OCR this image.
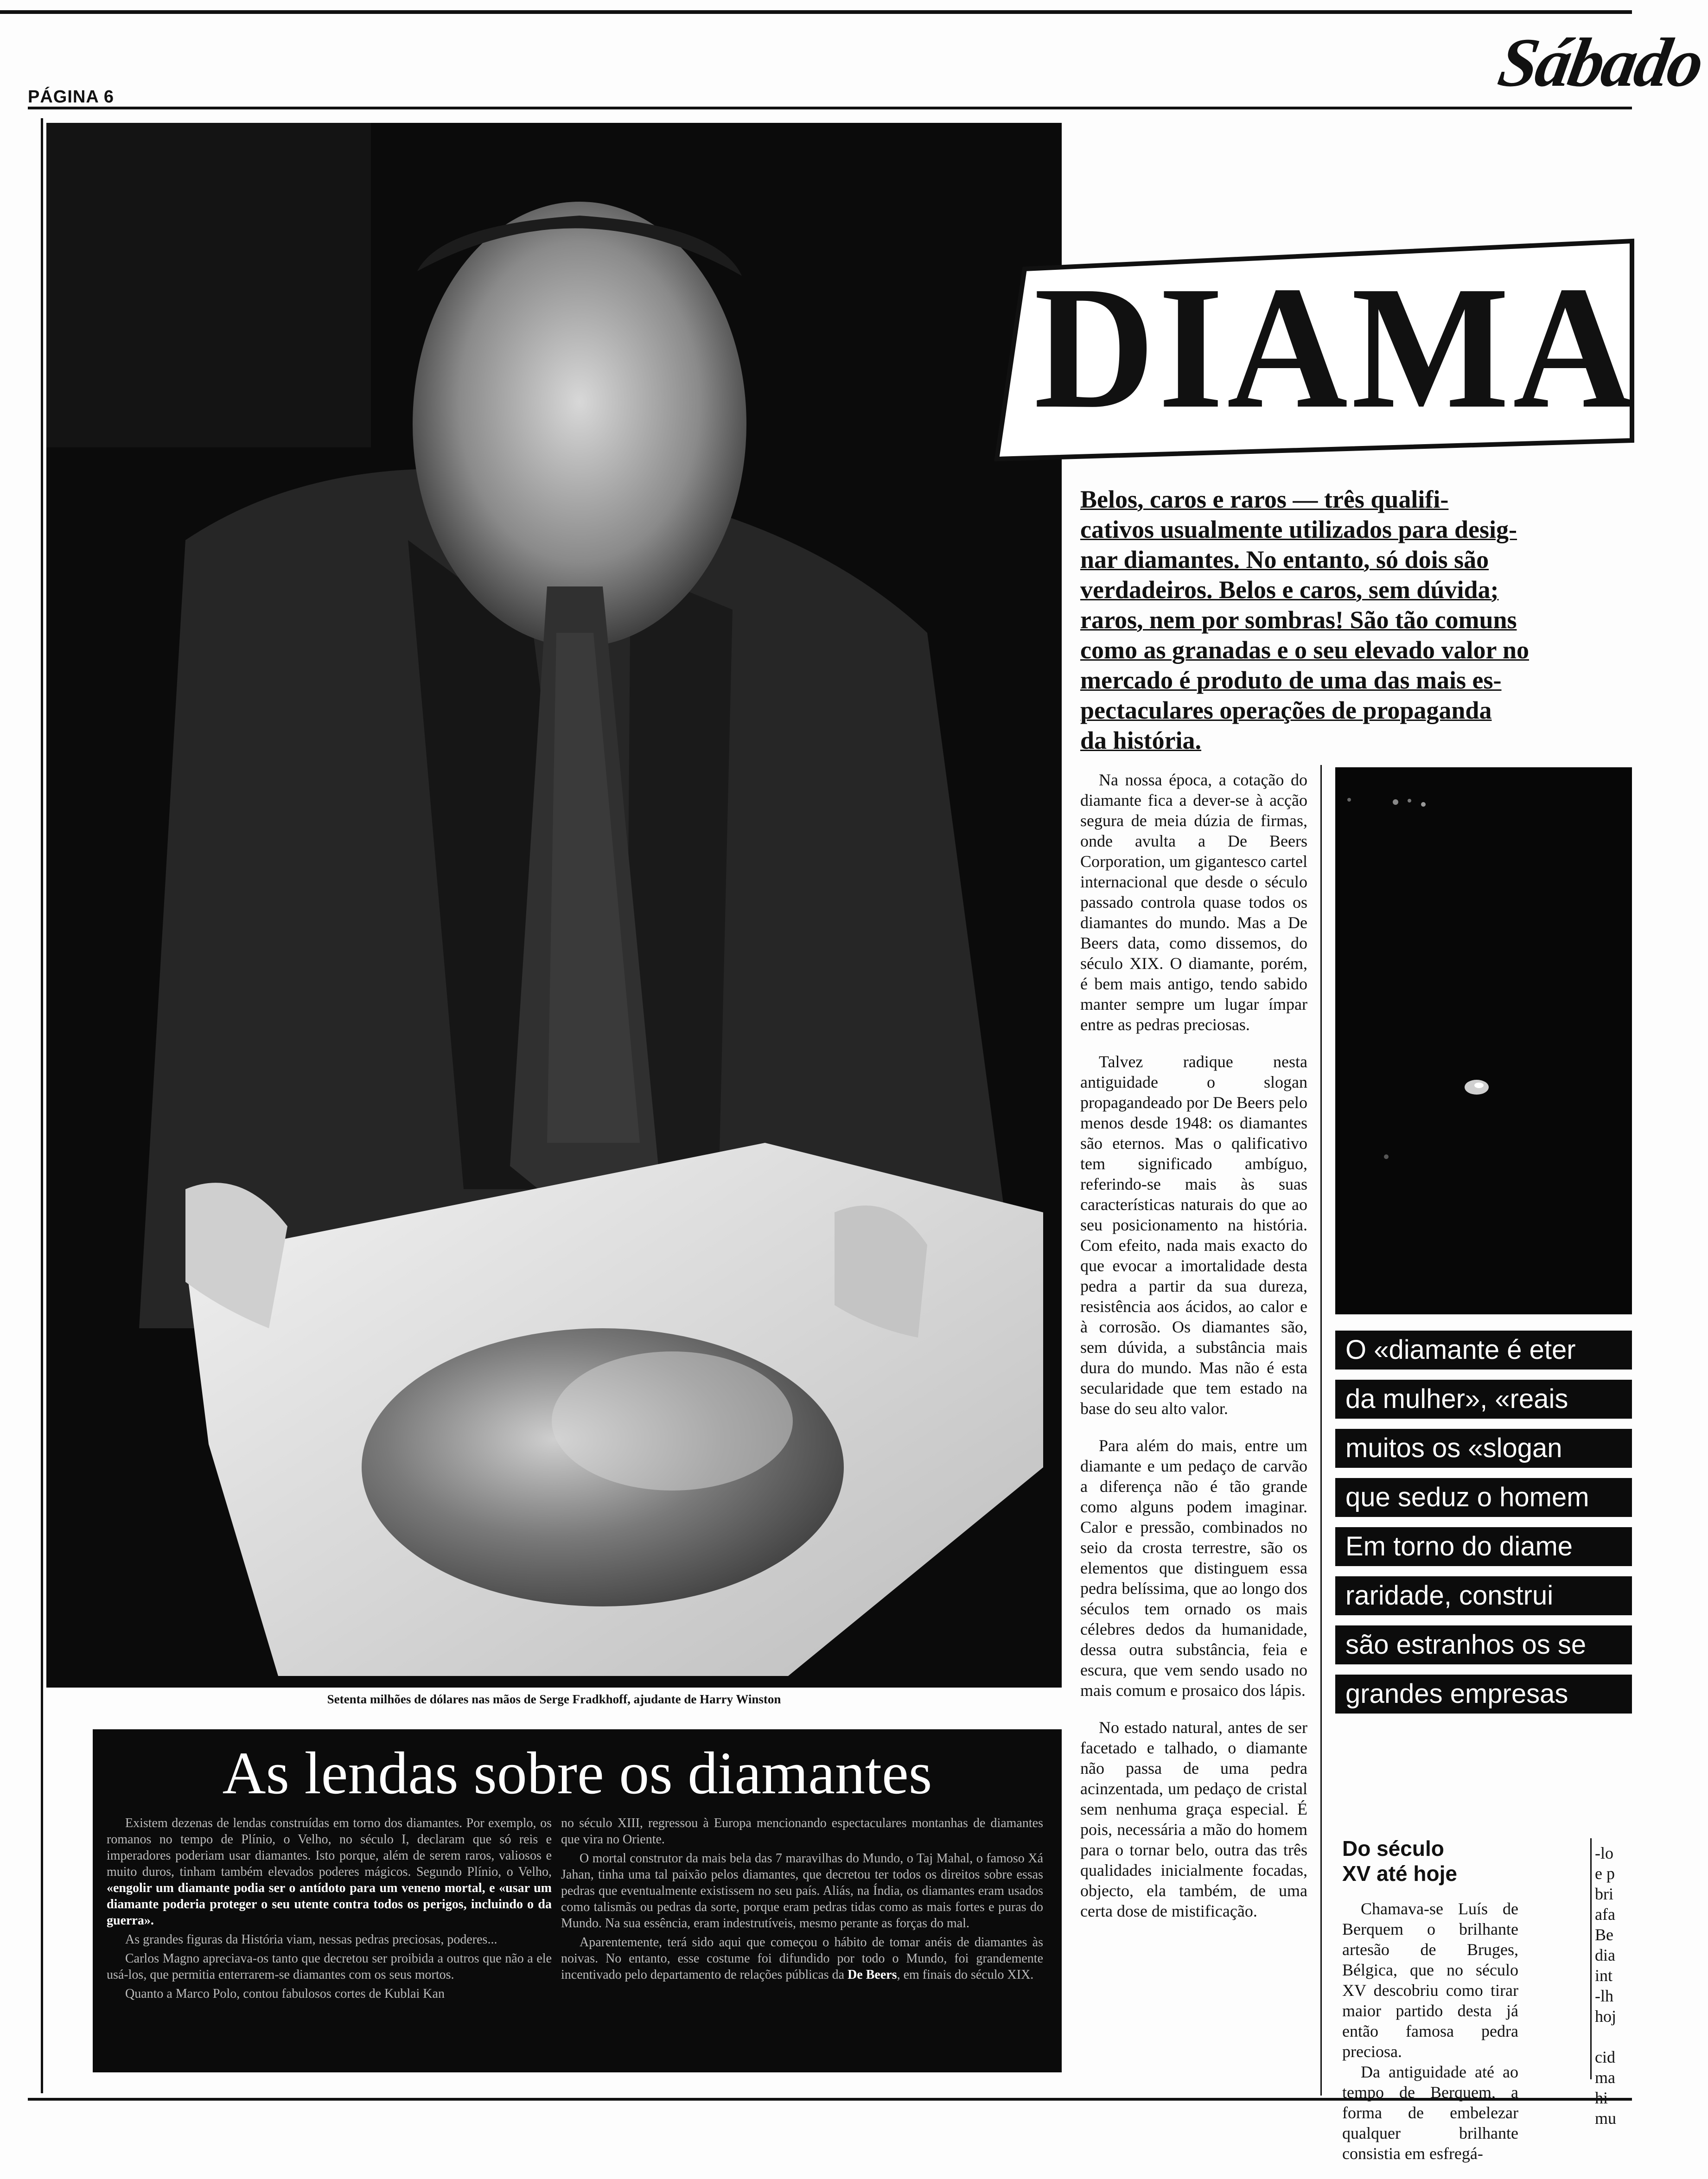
PÁGINA 6	Sábado
Setenta milhões de dólares nas mãos de Serge Fradkhoff, ajudante de Harry Winston
As lendas sobre os diamantes

Existem dezenas de lendas construídas em torno dos diamantes. Por exemplo, os romanos no tempo de Plínio, o Velho, no século I, declaram que só reis e imperadores poderiam usar diamantes. Isto porque, além de serem raros, valiosos e muito duros, tinham também elevados poderes mágicos. Segundo Plínio, o Velho, «engolir um diamante podia ser o antídoto para um veneno mortal, e «usar um diamante poderia proteger o seu utente contra todos os perigos, incluindo o da guerra».

As grandes figuras da História viam, nessas pedras preciosas, poderes...

Carlos Magno apreciava-os tanto que decretou ser proibida a outros que não a ele usá-los, que permitia enterrarem-se diamantes com os seus mortos.

Quanto a Marco Polo, contou fabulosos cortes de Kublai Kan

no século XIII, regressou à Europa mencionando espectaculares montanhas de diamantes que vira no Oriente.

O mortal construtor da mais bela das 7 maravilhas do Mundo, o Taj Mahal, o famoso Xá Jahan, tinha uma tal paixão pelos diamantes, que decretou ter todos os direitos sobre essas pedras que eventualmente existissem no seu país. Aliás, na Índia, os diamantes eram usados como talismãs ou pedras da sorte, porque eram pedras tidas como as mais fortes e puras do Mundo. Na sua essência, eram indestrutíveis, mesmo perante as forças do mal.

Aparentemente, terá sido aqui que começou o hábito de tomar anéis de diamantes às noivas. No entanto, esse costume foi difundido por todo o Mundo, foi grandemente incentivado pelo departamento de relações públicas da De Beers, em finais do século XIX.

DIAMA
Belos, caros e raros — três qualifi-
cativos usualmente utilizados para desig-
nar diamantes. No entanto, só dois são
verdadeiros. Belos e caros, sem dúvida;
raros, nem por sombras! São tão comuns
como as granadas e o seu elevado valor no
mercado é produto de uma das mais es-
pectaculares operações de propaganda
da história.

Na nossa época, a cotação do diamante fica a dever-se à acção segura de meia dúzia de firmas, onde avulta a De Beers Corporation, um gigantesco cartel internacional que desde o século passado controla quase todos os diamantes do mundo. Mas a De Beers data, como dissemos, do século XIX. O diamante, porém, é bem mais antigo, tendo sabido manter sempre um lugar ímpar entre as pedras preciosas.

Talvez radique nesta antiguidade o slogan propagandeado por De Beers pelo menos desde 1948: os diamantes são eternos. Mas o qalificativo tem significado ambíguo, referindo-se mais às suas características naturais do que ao seu posicionamento na história. Com efeito, nada mais exacto do que evocar a imortalidade desta pedra a partir da sua dureza, resistência aos ácidos, ao calor e à corrosão. Os diamantes são, sem dúvida, a substância mais dura do mundo. Mas não é esta secularidade que tem estado na base do seu alto valor.

Para além do mais, entre um diamante e um pedaço de carvão a diferença não é tão grande como alguns podem imaginar. Calor e pressão, combinados no seio da crosta terrestre, são os elementos que distinguem essa pedra belíssima, que ao longo dos séculos tem ornado os mais célebres dedos da humanidade, dessa outra substância, feia e escura, que vem sendo usado no mais comum e prosaico dos lápis.

No estado natural, antes de ser facetado e talhado, o diamante não passa de uma pedra acinzentada, um pedaço de cristal sem nenhuma graça especial. É pois, necessária a mão do homem para o tornar belo, outra das três qualidades inicialmente focadas, objecto, ela também, de uma certa dose de mistificação.

O «diamante é eter
da mulher», «reais
muitos os «slogan
que seduz o homem
Em torno do diame
raridade, construi
são estranhos os se
grandes empresas
Do século XV até hoje

Chamava-se Luís de Berquem o brilhante artesão de Bruges, Bélgica, que no século XV descobriu como tirar maior partido desta já então famosa pedra preciosa.

Da antiguidade até ao tempo de Berquem, a forma de embelezar qualquer brilhante consistia em esfregá-

-lo
e p
bri
afa
Be
dia
int
-lh
hoj
cid
ma
hi
mu
